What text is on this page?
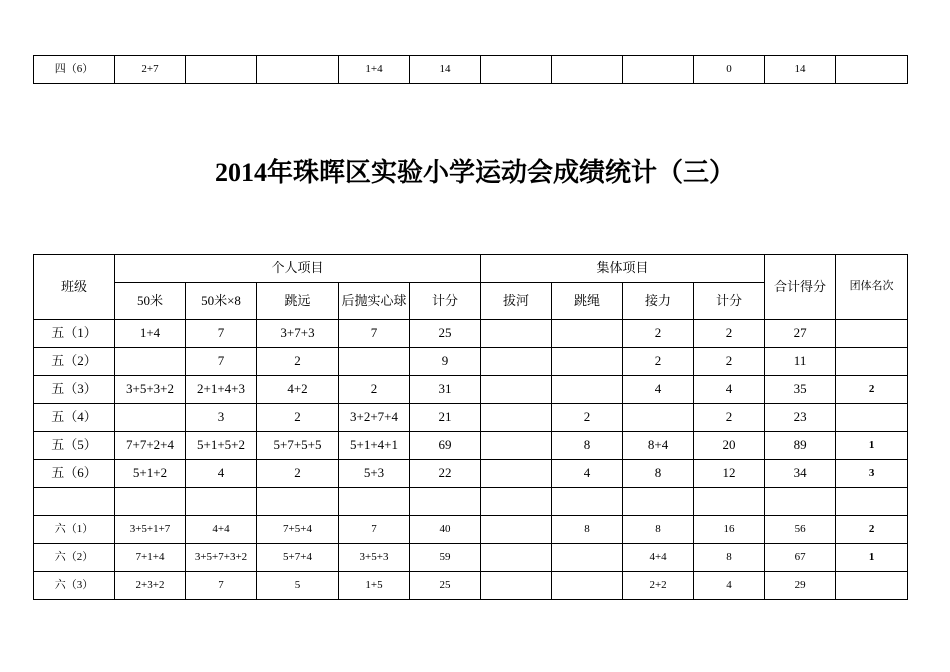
四（6）	2+7			1+4	14				0	14	
2014年珠晖区实验小学运动会成绩统计（三）
班级	个人项目					集体项目				合计得分	团体名次
	50米	50米×8	跳远	后抛实心球	计分	拔河	跳绳	接力	计分		
五（1）	1+4	7	3+7+3	7	25			2	2	27	
五（2）		7	2		9			2	2	11	
五（3）	3+5+3+2	2+1+4+3	4+2	2	31			4	4	35	2
五（4）		3	2	3+2+7+4	21		2		2	23	
五（5）	7+7+2+4	5+1+5+2	5+7+5+5	5+1+4+1	69		8	8+4	20	89	1
五（6）	5+1+2	4	2	5+3	22		4	8	12	34	3

六（1）	3+5+1+7	4+4	7+5+4	7	40		8	8	16	56	2
六（2）	7+1+4	3+5+7+3+2	5+7+4	3+5+3	59			4+4	8	67	1
六（3）	2+3+2	7	5	1+5	25			2+2	4	29	
